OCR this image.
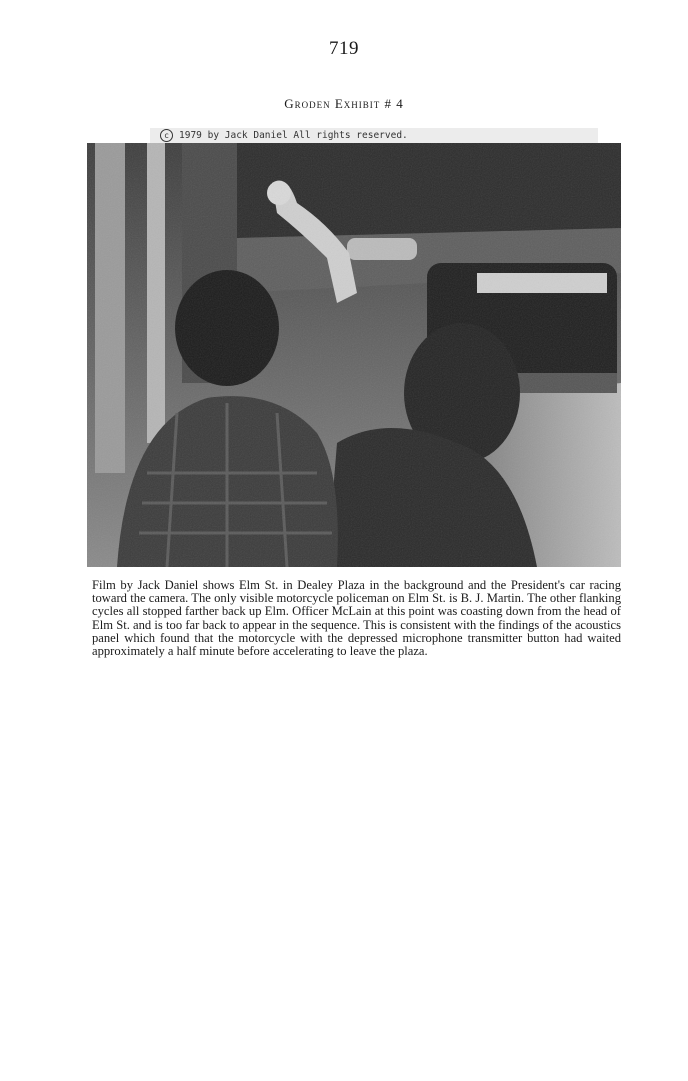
719
Groden Exhibit # 4
c 1979 by Jack Daniel All rights reserved.
Film by Jack Daniel shows Elm St. in Dealey Plaza in the background and the President's car racing toward the camera. The only visible motorcycle policeman on Elm St. is B. J. Martin. The other flanking cycles all stopped farther back up Elm. Officer McLain at this point was coasting down from the head of Elm St. and is too far back to appear in the sequence. This is consistent with the findings of the acoustics panel which found that the motorcycle with the depressed microphone transmitter button had waited approximately a half minute before accelerating to leave the plaza.
